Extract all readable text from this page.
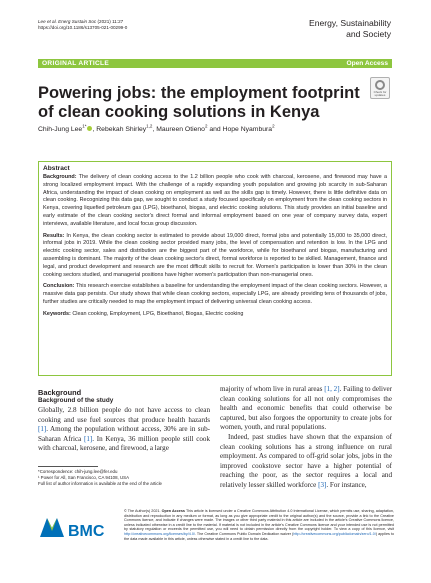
Lee et al. Energ Sustain Soc (2021) 11:27
https://doi.org/10.1186/s13705-021-00299-0	Energy, Sustainability
and Society
ORIGINAL ARTICLE	Open Access
Check for updates
Powering jobs: the employment footprint of clean cooking solutions in Kenya
Chih-Jung Lee$^{1*}$ , Rebekah Shirley$^{1,2}$, Maureen Otieno$^2$ and Hope Nyambura$^2$
Abstract

Background: The delivery of clean cooking access to the 1.2 billion people who cook with charcoal, kerosene, and firewood may have a strong localized employment impact. With the challenge of a rapidly expanding youth population and growing job scarcity in sub-Saharan Africa, understanding the impact of clean cooking on employment as well as the skills gap is timely. However, there is little definitive data on clean cooking. Recognizing this data gap, we sought to conduct a study focused specifically on employment from the clean cooking sectors in Kenya, covering liquefied petroleum gas (LPG), bioethanol, biogas, and electric cooking solutions. This study provides an initial baseline and early estimate of the clean cooking sector's direct formal and informal employment based on one year of company survey data, expert interviews, available literature, and local focus group discussion.

Results: In Kenya, the clean cooking sector is estimated to provide about 19,000 direct, formal jobs and potentially 15,000 to 35,000 direct, informal jobs in 2019. While the clean cooking sector provided many jobs, the level of compensation and retention is low. In the LPG and electric cooking sector, sales and distribution are the biggest part of the workforce, while for bioethanol and biogas, manufacturing and assembling is dominant. The majority of the clean cooking sector's direct, formal workforce is reported to be skilled. Management, finance and legal, and product development and research are the most difficult skills to recruit for. Women's participation is lower than 30% in the clean cooking sectors studied, and managerial positions have higher women's participation than non-managerial ones.

Conclusion: This research exercise establishes a baseline for understanding the employment impact of the clean cooking sectors. However, a massive data gap persists. Our study shows that while clean cooking sectors, especially LPG, are already providing tens of thousands of jobs, further studies are critically needed to map the employment impact of delivering universal clean cooking access.

Keywords: Clean cooking, Employment, LPG, Bioethanol, Biogas, Electric cooking

Background
Background of the study

Globally, 2.8 billion people do not have access to clean cooking and use fuel sources that produce health hazards [1]. Among the population without access, 30% are in sub-Saharan Africa [1]. In Kenya, 36 million people still cook with charcoal, kerosene, and firewood, a large

majority of whom live in rural areas [1, 2]. Failing to deliver clean cooking solutions for all not only compromises the health and economic benefits that could otherwise be captured, but also forgoes the opportunity to create jobs for women, youth, and rural populations.

Indeed, past studies have shown that the expansion of clean cooking solutions has a strong influence on rural employment. As compared to off-grid solar jobs, jobs in the improved cookstove sector have a higher potential of reaching the poor, as the sector requires a local and relatively lesser skilled workforce [3]. For instance,

*Correspondence: chih-jung.lee@fer.edu
¹ Power for All, San Francisco, CA 94108, USA
Full list of author information is available at the end of the article
BMC
© The Author(s) 2021. Open Access This article is licensed under a Creative Commons Attribution 4.0 International License, which permits use, sharing, adaptation, distribution and reproduction in any medium or format, as long as you give appropriate credit to the original author(s) and the source, provide a link to the Creative Commons licence, and indicate if changes were made. The images or other third party material in this article are included in the article's Creative Commons licence, unless indicated otherwise in a credit line to the material. If material is not included in the article's Creative Commons licence and your intended use is not permitted by statutory regulation or exceeds the permitted use, you will need to obtain permission directly from the copyright holder. To view a copy of this licence, visit http://creativecommons.org/licenses/by/4.0/. The Creative Commons Public Domain Dedication waiver (http://creativecommons.org/publicdomain/zero/1.0/) applies to the data made available in this article, unless otherwise stated in a credit line to the data.
